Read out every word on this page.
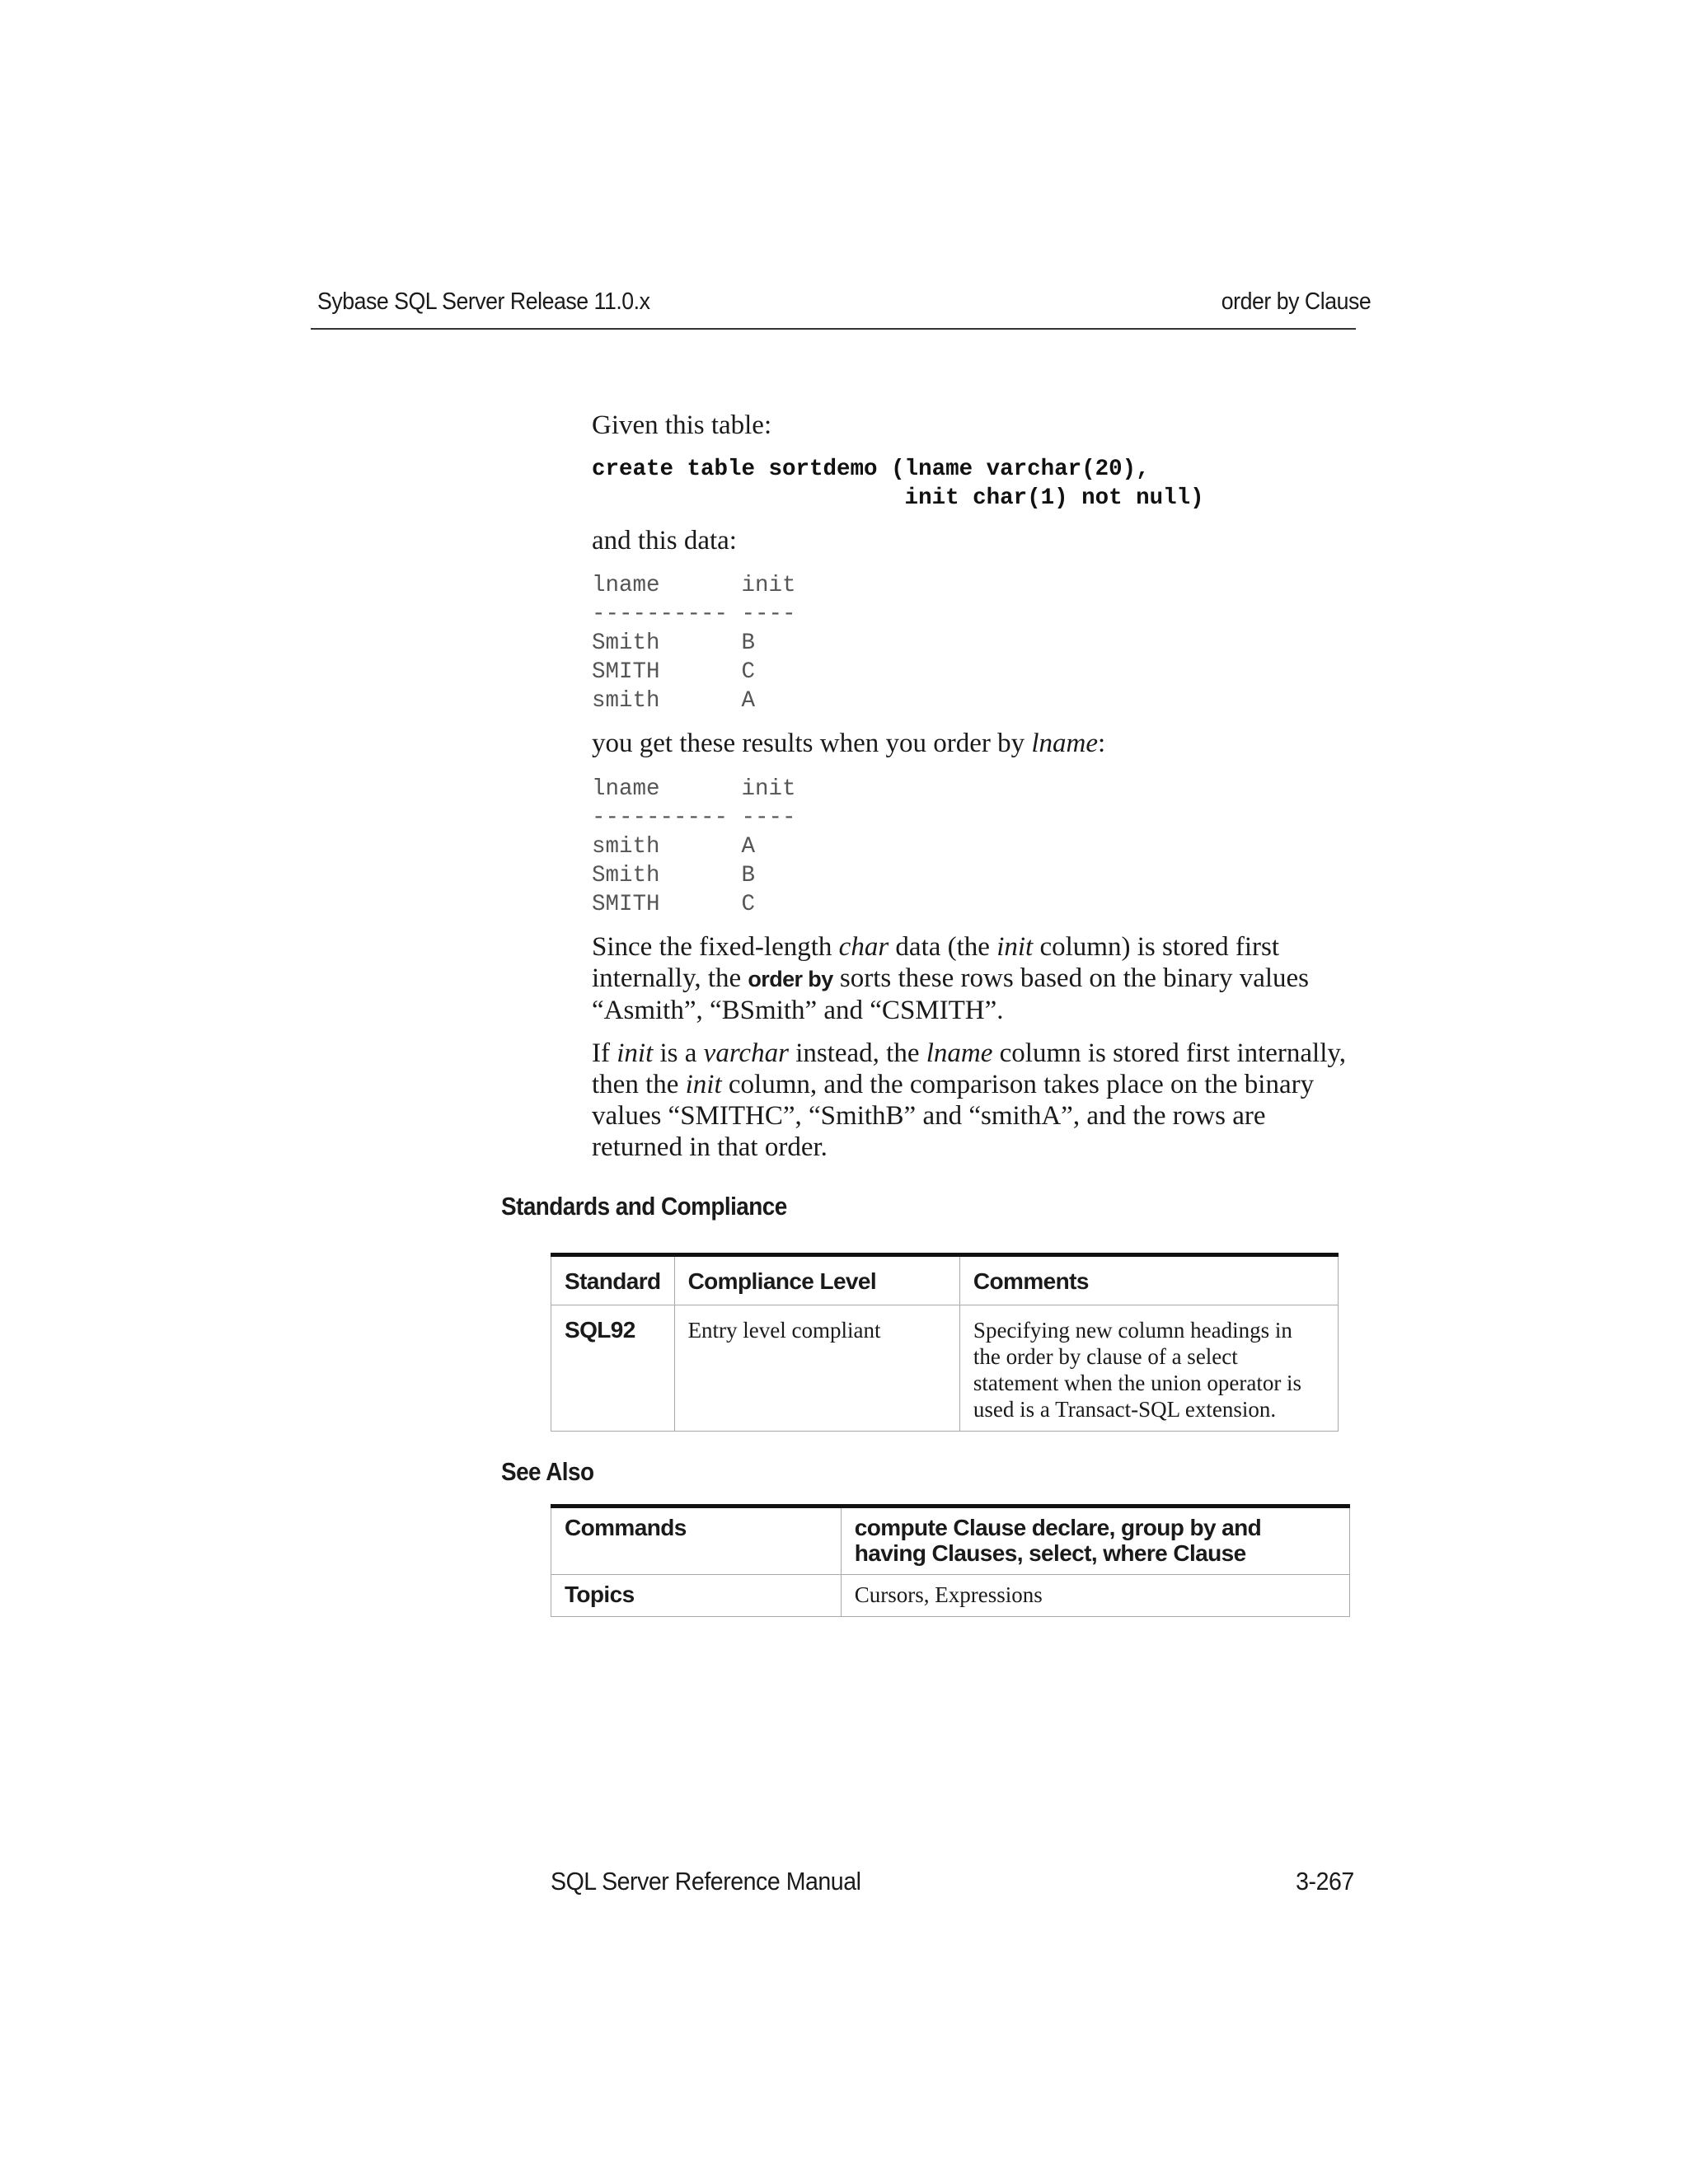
Sybase SQL Server Release 11.0.x	order by Clause
Given this table:
create table sortdemo (lname varchar(20),
init char(1) not null)
and this data:
lname      init
---------- ----
Smith      B
SMITH      C
smith      A
you get these results when you order by lname:
lname      init
---------- ----
smith      A
Smith      B
SMITH      C
Since the fixed-length char data (the init column) is stored first internally, the order by sorts these rows based on the binary values “Asmith”, “BSmith” and “CSMITH”.
If init is a varchar instead, the lname column is stored first internally, then the init column, and the comparison takes place on the binary values “SMITHC”, “SmithB” and “smithA”, and the rows are returned in that order.
Standards and Compliance
Standard	Compliance Level	Comments
SQL92	Entry level compliant	Specifying new column headings in the order by clause of a select statement when the union operator is used is a Transact-SQL extension.
See Also
Commands	compute Clause declare, group by and having Clauses, select, where Clause
Topics	Cursors, Expressions
SQL Server Reference Manual	3-267
